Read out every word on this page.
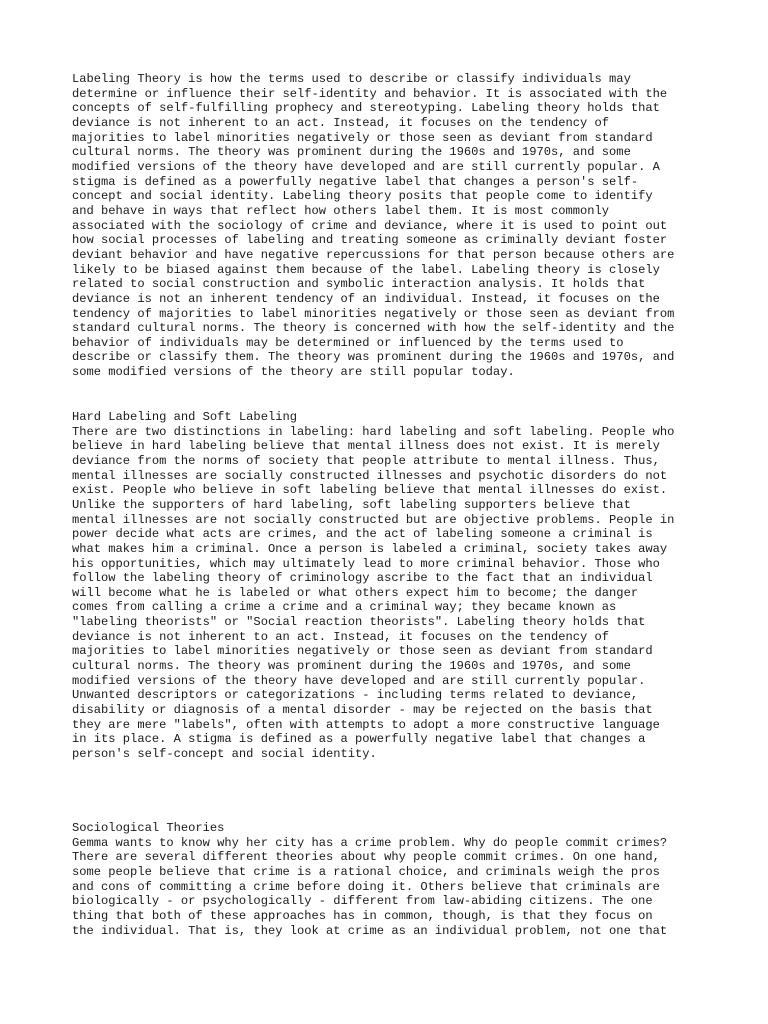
Labeling Theory is how the terms used to describe or classify individuals may
determine or influence their self-identity and behavior. It is associated with the
concepts of self-fulfilling prophecy and stereotyping. Labeling theory holds that
deviance is not inherent to an act. Instead, it focuses on the tendency of
majorities to label minorities negatively or those seen as deviant from standard
cultural norms. The theory was prominent during the 1960s and 1970s, and some
modified versions of the theory have developed and are still currently popular. A
stigma is defined as a powerfully negative label that changes a person's self-
concept and social identity. Labeling theory posits that people come to identify
and behave in ways that reflect how others label them. It is most commonly
associated with the sociology of crime and deviance, where it is used to point out
how social processes of labeling and treating someone as criminally deviant foster
deviant behavior and have negative repercussions for that person because others are
likely to be biased against them because of the label. Labeling theory is closely
related to social construction and symbolic interaction analysis. It holds that
deviance is not an inherent tendency of an individual. Instead, it focuses on the
tendency of majorities to label minorities negatively or those seen as deviant from
standard cultural norms. The theory is concerned with how the self-identity and the
behavior of individuals may be determined or influenced by the terms used to
describe or classify them. The theory was prominent during the 1960s and 1970s, and
some modified versions of the theory are still popular today.

Hard Labeling and Soft Labeling

There are two distinctions in labeling: hard labeling and soft labeling. People who
believe in hard labeling believe that mental illness does not exist. It is merely
deviance from the norms of society that people attribute to mental illness. Thus,
mental illnesses are socially constructed illnesses and psychotic disorders do not
exist. People who believe in soft labeling believe that mental illnesses do exist.
Unlike the supporters of hard labeling, soft labeling supporters believe that
mental illnesses are not socially constructed but are objective problems. People in
power decide what acts are crimes, and the act of labeling someone a criminal is
what makes him a criminal. Once a person is labeled a criminal, society takes away
his opportunities, which may ultimately lead to more criminal behavior. Those who
follow the labeling theory of criminology ascribe to the fact that an individual
will become what he is labeled or what others expect him to become; the danger
comes from calling a crime a crime and a criminal way; they became known as
"labeling theorists" or "Social reaction theorists". Labeling theory holds that
deviance is not inherent to an act. Instead, it focuses on the tendency of
majorities to label minorities negatively or those seen as deviant from standard
cultural norms. The theory was prominent during the 1960s and 1970s, and some
modified versions of the theory have developed and are still currently popular.
Unwanted descriptors or categorizations - including terms related to deviance,
disability or diagnosis of a mental disorder - may be rejected on the basis that
they are mere "labels", often with attempts to adopt a more constructive language
in its place. A stigma is defined as a powerfully negative label that changes a
person's self-concept and social identity.

Sociological Theories

Gemma wants to know why her city has a crime problem. Why do people commit crimes?
There are several different theories about why people commit crimes. On one hand,
some people believe that crime is a rational choice, and criminals weigh the pros
and cons of committing a crime before doing it. Others believe that criminals are
biologically - or psychologically - different from law-abiding citizens. The one
thing that both of these approaches has in common, though, is that they focus on
the individual. That is, they look at crime as an individual problem, not one that
